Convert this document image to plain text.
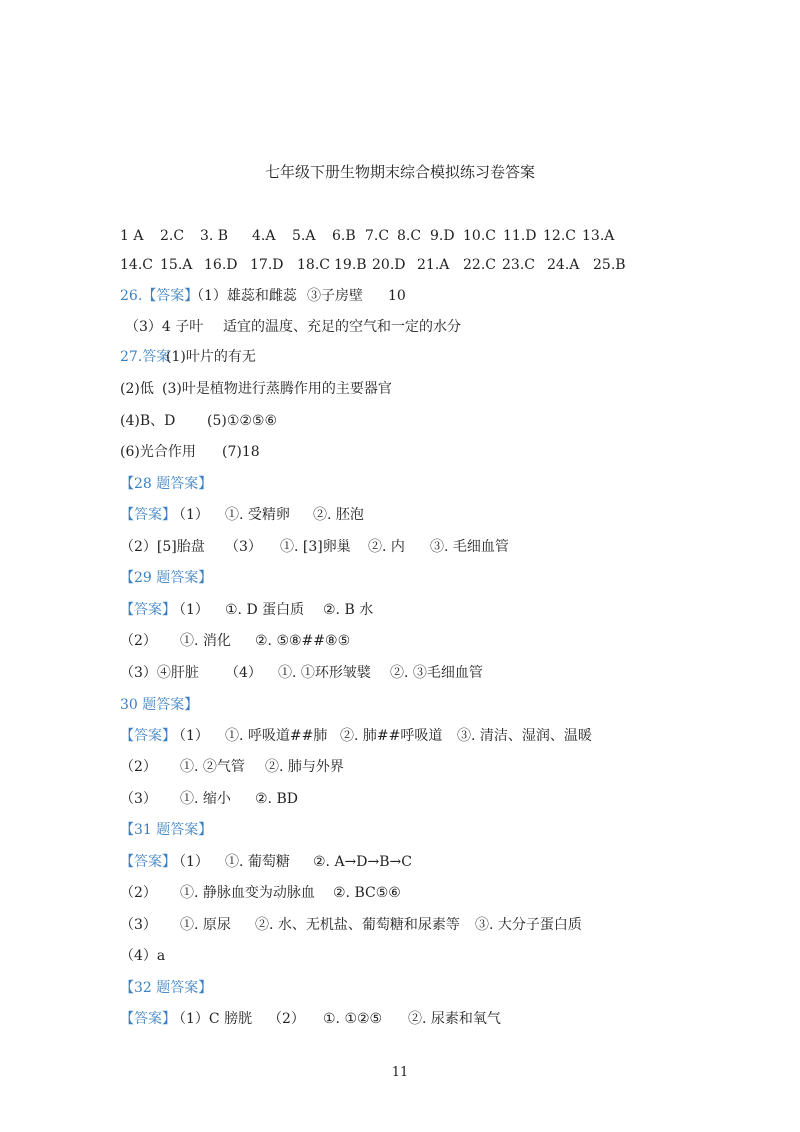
七年级下册生物期末综合模拟练习卷答案
1 A 2.C 3. B 4.A 5.A 6.B 7.C 8.C 9.D 10.C 11.D 12.C 13.A
14.C 15.A 16.D 17.D 18.C 19.B 20.D 21.A 22.C 23.C 24.A 25.B
26.【答案】
（1）雄蕊和雌蕊 ③子房壁 10
（3）4 子叶 适宜的温度、充足的空气和一定的水分
27.答案
(1)叶片的有无
(2)低 (3)叶是植物进行蒸腾作用的主要器官
(4)B、D (5)①②⑤⑥
(6)光合作用 (7)18
【28 题答案】
【答案】
（1） ①. 受精卵 ②. 胚泡
（2）[5]胎盘 （3） ①. [3]卵巢 ②. 内 ③. 毛细血管
【29 题答案】
【答案】
（1） ①. D 蛋白质 ②. B 水
（2） ①. 消化 ②. ⑤⑧##⑧⑤
（3）④肝脏 （4） ①. ①环形皱襞 ②. ③毛细血管
30 题答案】
【答案】
（1） ①. 呼吸道##肺 ②. 肺##呼吸道 ③. 清洁、湿润、温暖
（2） ①. ②气管 ②. 肺与外界
（3） ①. 缩小 ②. BD
【31 题答案】
【答案】
（1） ①. 葡萄糖 ②. A→D→B→C
（2） ①. 静脉血变为动脉血 ②. BC⑤⑥
（3） ①. 原尿 ②. 水、无机盐、葡萄糖和尿素等 ③. 大分子蛋白质
（4）a
【32 题答案】
【答案】
（1）C 膀胱 （2） ①. ①②⑤ ②. 尿素和氧气
11
